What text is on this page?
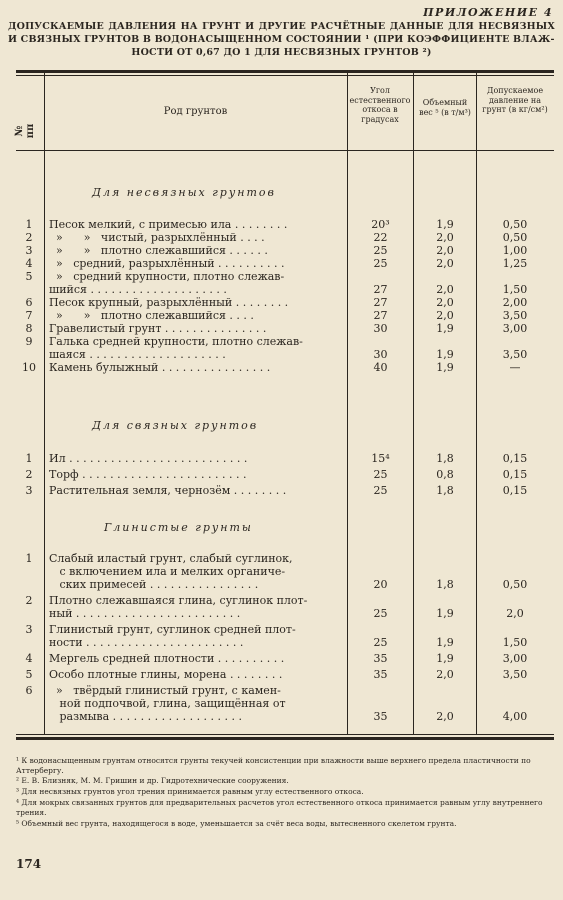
ПРИЛОЖЕНИЕ 4
ДОПУСКАЕМЫЕ ДАВЛЕНИЯ НА ГРУНТ И ДРУГИЕ РАСЧЁТНЫЕ ДАННЫЕ ДЛЯ НЕСВЯЗНЫХ И СВЯЗНЫХ ГРУНТОВ В ВОДОНАСЫЩЕННОМ СОСТОЯНИИ ¹ (ПРИ КОЭФФИЦИЕНТЕ ВЛАЖ-
НОСТИ ОТ 0,67 ДО 1 ДЛЯ НЕСВЯЗНЫХ ГРУНТОВ ²)
№ пп
Род грунтов
Угол естественного откоса в градусах
Объемный вес ⁵ (в т/м³)
Допускаемое давление на грунт (в кг/см²)
Для несвязных грунтов
1	Песок мелкий, с примесью ила . . . . . . . .	20³	1,9	0,50
2	»      »   чистый, разрыхлённый . . . .	22	2,0	0,50
3	»      »   плотно слежавшийся . . . . . .	25	2,0	1,00
4	»   средний, разрыхлённый . . . . . . . . . .	25	2,0	1,25
5	»   средний крупности, плотно слежав-
шийся . . . . . . . . . . . . . . . . . . . .	27	2,0	1,50
6	Песок крупный, разрыхлённый . . . . . . . .	27	2,0	2,00
7	»      »   плотно слежавшийся . . . .	27	2,0	3,50
8	Гравелистый грунт . . . . . . . . . . . . . . .	30	1,9	3,00
9	Галька средней крупности, плотно слежав-
шаяся . . . . . . . . . . . . . . . . . . . .	30	1,9	3,50
10	Камень булыжный . . . . . . . . . . . . . . . .	40	1,9	—
Для связных грунтов
1	Ил . . . . . . . . . . . . . . . . . . . . . . . . . .	15⁴	1,8	0,15
2	Торф . . . . . . . . . . . . . . . . . . . . . . . .	25	0,8	0,15
3	Растительная земля, чернозём . . . . . . . .	25	1,8	0,15
Глинистые грунты
1	Слабый иластый грунт, слабый суглинок,
с включением ила и мелких органиче-
ских примесей . . . . . . . . . . . . . . . .	20	1,8	0,50
2	Плотно слежавшаяся глина, суглинок плот-
ный . . . . . . . . . . . . . . . . . . . . . . . .	25	1,9	2,0
3	Глинистый грунт, суглинок средней плот-
ности . . . . . . . . . . . . . . . . . . . . . . .	25	1,9	1,50
4	Мергель средней плотности . . . . . . . . . .	35	1,9	3,00
5	Особо плотные глины, морена . . . . . . . .	35	2,0	3,50
6	»   твёрдый глинистый грунт, с камен-
ной подпочвой, глина, защищённая от
размыва . . . . . . . . . . . . . . . . . . .	35	2,0	4,00
¹ К водонасыщенным грунтам относятся грунты текучей консистенции при влажности выше верхнего предела пластичности по Аттербергу.
² Е. В. Близняк, М. М. Гришин и др. Гидротехнические сооружения.
³ Для несвязных грунтов угол трения принимается равным углу естественного откоса.
⁴ Для мокрых связанных грунтов для предварительных расчетов угол естественного откоса принимается равным углу внутреннего трения.
⁵ Объемный вес грунта, находящегося в воде, уменьшается за счёт веса воды, вытесненного скелетом грунта.
174
